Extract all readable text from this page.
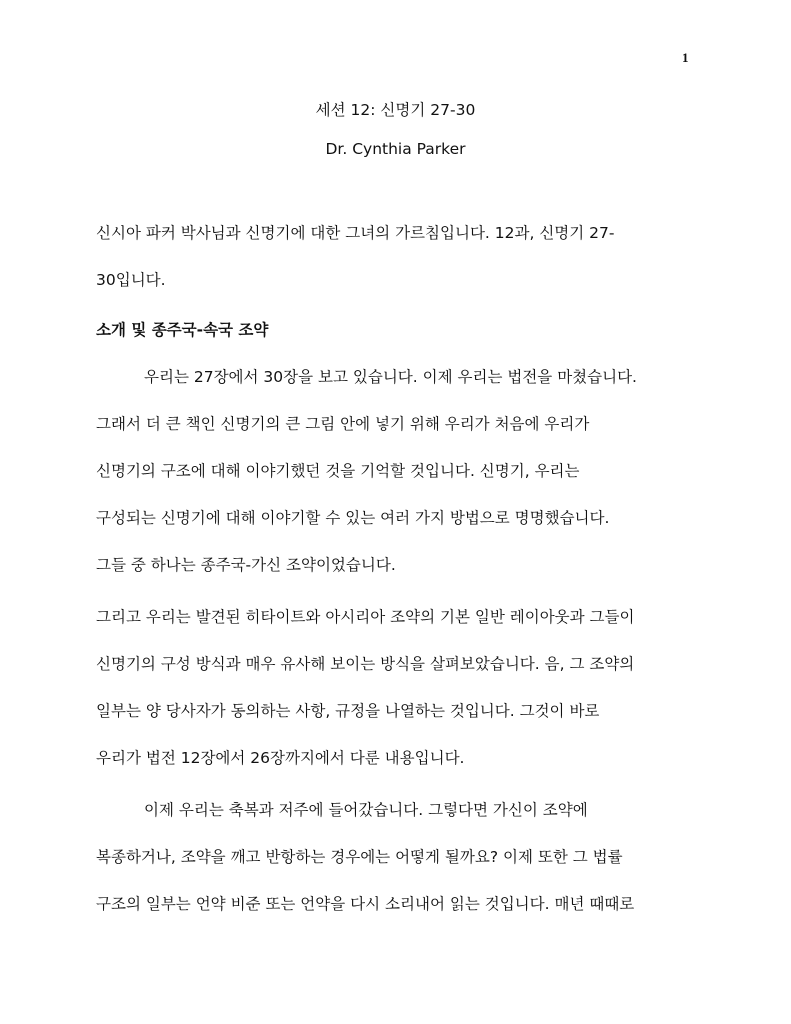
1
세션 12: 신명기 27-30
Dr. Cynthia Parker

신시아 파커 박사님과 신명기에 대한 그녀의 가르침입니다. 12과, 신명기 27-

30입니다.

소개 및 종주국-속국 조약

우리는 27장에서 30장을 보고 있습니다. 이제 우리는 법전을 마쳤습니다.

그래서 더 큰 책인 신명기의 큰 그림 안에 넣기 위해 우리가 처음에 우리가

신명기의 구조에 대해 이야기했던 것을 기억할 것입니다. 신명기, 우리는

구성되는 신명기에 대해 이야기할 수 있는 여러 가지 방법으로 명명했습니다.

그들 중 하나는 종주국-가신 조약이었습니다.

그리고 우리는 발견된 히타이트와 아시리아 조약의 기본 일반 레이아웃과 그들이

신명기의 구성 방식과 매우 유사해 보이는 방식을 살펴보았습니다. 음, 그 조약의

일부는 양 당사자가 동의하는 사항, 규정을 나열하는 것입니다. 그것이 바로

우리가 법전 12장에서 26장까지에서 다룬 내용입니다.

이제 우리는 축복과 저주에 들어갔습니다. 그렇다면 가신이 조약에

복종하거나, 조약을 깨고 반항하는 경우에는 어떻게 될까요? 이제 또한 그 법률

구조의 일부는 언약 비준 또는 언약을 다시 소리내어 읽는 것입니다. 매년 때때로
